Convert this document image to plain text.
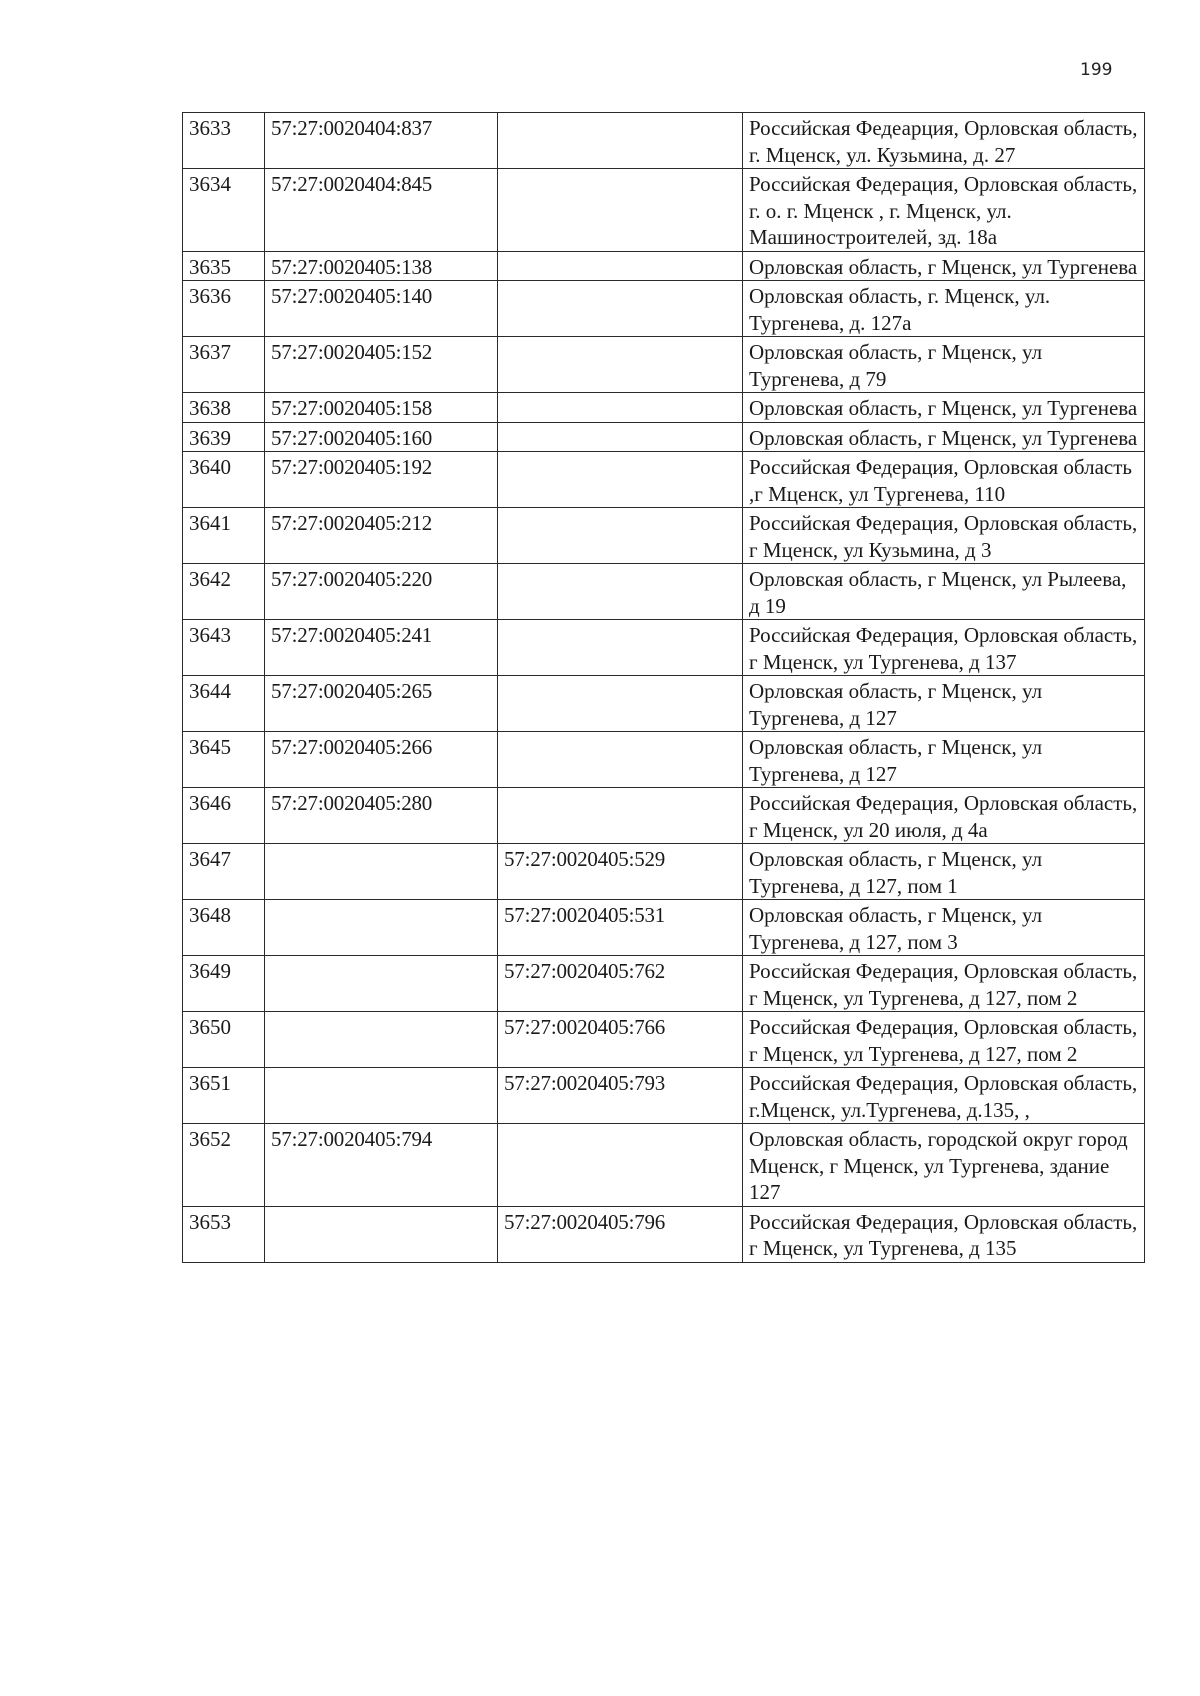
199
3633	57:27:0020404:837		Российская Федеарция, Орловская область, г. Мценск, ул. Кузьмина, д. 27
3634	57:27:0020404:845		Российская Федерация, Орловская область, г. о. г. Мценск , г. Мценск, ул. Машиностроителей, зд. 18а
3635	57:27:0020405:138		Орловская область, г Мценск, ул Тургенева
3636	57:27:0020405:140		Орловская область, г. Мценск, ул. Тургенева, д. 127а
3637	57:27:0020405:152		Орловская область, г Мценск, ул Тургенева, д 79
3638	57:27:0020405:158		Орловская область, г Мценск, ул Тургенева
3639	57:27:0020405:160		Орловская область, г Мценск, ул Тургенева
3640	57:27:0020405:192		Российская Федерация, Орловская область ,г Мценск, ул Тургенева, 110
3641	57:27:0020405:212		Российская Федерация, Орловская область, г Мценск, ул Кузьмина, д 3
3642	57:27:0020405:220		Орловская область, г Мценск, ул Рылеева, д 19
3643	57:27:0020405:241		Российская Федерация, Орловская область, г Мценск, ул Тургенева, д 137
3644	57:27:0020405:265		Орловская область, г Мценск, ул Тургенева, д 127
3645	57:27:0020405:266		Орловская область, г Мценск, ул Тургенева, д 127
3646	57:27:0020405:280		Российская Федерация, Орловская область, г Мценск, ул 20 июля, д 4а
3647		57:27:0020405:529	Орловская область, г Мценск, ул Тургенева, д 127, пом 1
3648		57:27:0020405:531	Орловская область, г Мценск, ул Тургенева, д 127, пом 3
3649		57:27:0020405:762	Российская Федерация, Орловская область, г Мценск, ул Тургенева, д 127, пом 2
3650		57:27:0020405:766	Российская Федерация, Орловская область, г Мценск, ул Тургенева, д 127, пом 2
3651		57:27:0020405:793	Российская Федерация, Орловская область, г.Мценск, ул.Тургенева, д.135, ,
3652	57:27:0020405:794		Орловская область, городской округ город Мценск, г Мценск, ул Тургенева, здание 127
3653		57:27:0020405:796	Российская Федерация, Орловская область, г Мценск, ул Тургенева, д 135
